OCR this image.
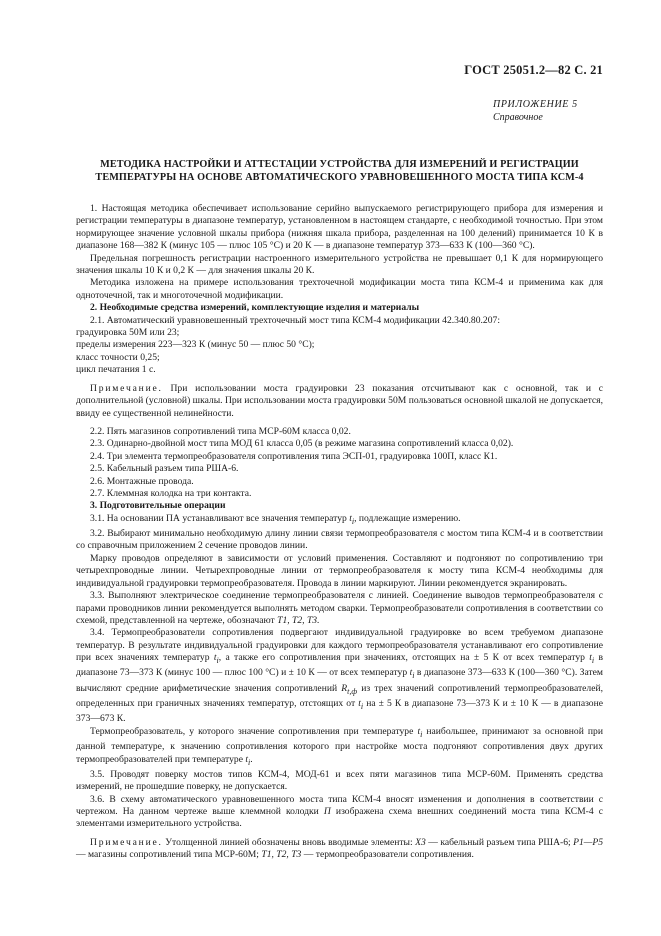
ГОСТ 25051.2—82 С. 21
ПРИЛОЖЕНИЕ 5
Справочное
МЕТОДИКА НАСТРОЙКИ И АТТЕСТАЦИИ УСТРОЙСТВА ДЛЯ ИЗМЕРЕНИЙ И РЕГИСТРАЦИИ
ТЕМПЕРАТУРЫ НА ОСНОВЕ АВТОМАТИЧЕСКОГО УРАВНОВЕШЕННОГО МОСТА ТИПА КСМ-4

1. Настоящая методика обеспечивает использование серийно выпускаемого регистрирующего прибора для измерения и регистрации температуры в диапазоне температур, установленном в настоящем стандарте, с необходимой точностью. При этом нормирующее значение условной шкалы прибора (нижняя шкала прибора, разделенная на 100 делений) принимается 10 К в диапазоне 168—382 К (минус 105 — плюс 105 °С) и 20 К — в диапазоне температур 373—633 К (100—360 °С).

Предельная погрешность регистрации настроенного измерительного устройства не превышает 0,1 К для нормирующего значения шкалы 10 К и 0,2 К — для значения шкалы 20 К.

Методика изложена на примере использования трехточечной модификации моста типа КСМ-4 и применима как для одноточечной, так и многоточечной модификации.

2. Необходимые средства измерений, комплектующие изделия и материалы

2.1. Автоматический уравновешенный трехточечный мост типа КСМ-4 модификации 42.340.80.207:

градуировка 50М или 23;

пределы измерения 223—323 К (минус 50 — плюс 50 °С);

класс точности 0,25;

цикл печатания 1 с.

Примечание. При использовании моста градуировки 23 показания отсчитывают как с основной, так и с дополнительной (условной) шкалы. При использовании моста градуировки 50М пользоваться основной шкалой не допускается, ввиду ее существенной нелинейности.

2.2. Пять магазинов сопротивлений типа МСР-60М класса 0,02.

2.3. Одинарно-двойной мост типа МОД 61 класса 0,05 (в режиме магазина сопротивлений класса 0,02).

2.4. Три элемента термопреобразователя сопротивления типа ЭСП-01, градуировка 100П, класс К1.

2.5. Кабельный разъем типа РША-6.

2.6. Монтажные провода.

2.7. Клеммная колодка на три контакта.

3. Подготовительные операции

3.1. На основании ПА устанавливают все значения температур $t_i$, подлежащие измерению.

3.2. Выбирают минимально необходимую длину линии связи термопреобразователя с мостом типа КСМ-4 и в соответствии со справочным приложением 2 сечение проводов линии.

Марку проводов определяют в зависимости от условий применения. Составляют и подгоняют по сопротивлению три четырехпроводные линии. Четырехпроводные линии от термопреобразователя к мосту типа КСМ-4 необходимы для индивидуальной градуировки термопреобразователя. Провода в линии маркируют. Линии рекомендуется экранировать.

3.3. Выполняют электрическое соединение термопреобразователя с линией. Соединение выводов термопреобразователя с парами проводников линии рекомендуется выполнять методом сварки. Термопреобразователи сопротивления в соответствии со схемой, представленной на чертеже, обозначают Т1, Т2, Т3.

3.4. Термопреобразователи сопротивления подвергают индивидуальной градуировке во всем требуемом диапазоне температур. В результате индивидуальной градуировки для каждого термопреобразователя устанавливают его сопротивление при всех значениях температур $t_i$, а также его сопротивления при значениях, отстоящих на ± 5 К от всех температур $t_i$ в диапазоне 73—373 К (минус 100 — плюс 100 °С) и ± 10 К — от всех температур $t_i$ в диапазоне 373—633 К (100—360 °С). Затем вычисляют средние арифметические значения сопротивлений $R_{t,ф}$ из трех значений сопротивлений термопреобразователей, определенных при граничных значениях температур, отстоящих от $t_i$ на ± 5 К в диапазоне 73—373 К и ± 10 К — в диапазоне 373—673 К.

Термопреобразователь, у которого значение сопротивления при температуре $t_i$ наибольшее, принимают за основной при данной температуре, к значению сопротивления которого при настройке моста подгоняют сопротивления двух других термопреобразователей при температуре $t_i$.

3.5. Проводят поверку мостов типов КСМ-4, МОД-61 и всех пяти магазинов типа МСР-60М. Применять средства измерений, не прошедшие поверку, не допускается.

3.6. В схему автоматического уравновешенного моста типа КСМ-4 вносят изменения и дополнения в соответствии с чертежом. На данном чертеже выше клеммной колодки П изображена схема внешних соединений моста типа КСМ-4 с элементами измерительного устройства.

Примечание. Утолщенной линией обозначены вновь вводимые элементы: Х3 — кабельный разъем типа РША-6; Р1—Р5 — магазины сопротивлений типа МСР-60М; Т1, Т2, Т3 — термопреобразователи сопротивления.
